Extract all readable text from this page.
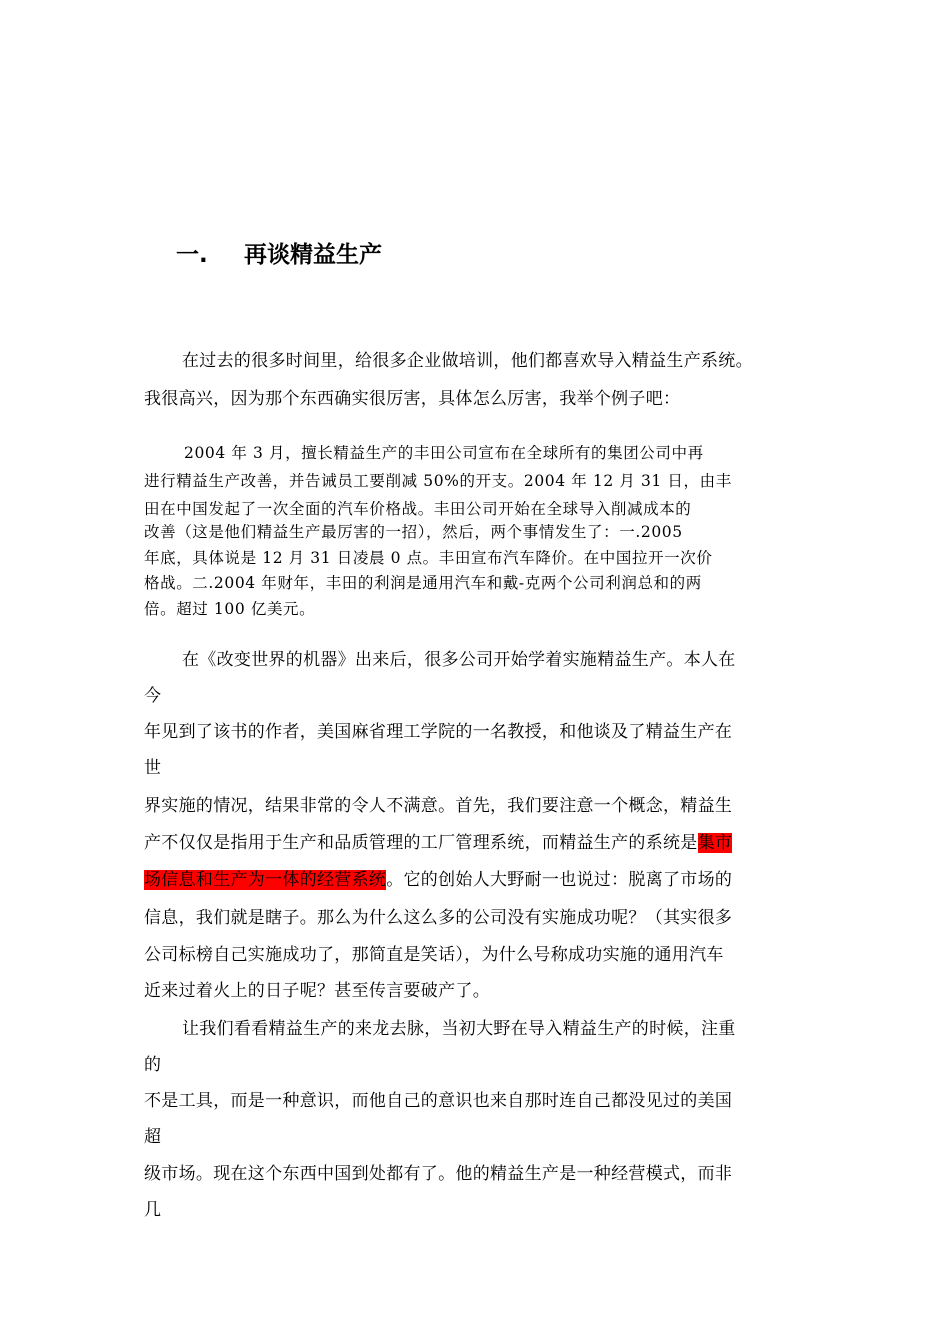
一. 再谈精益生产
在过去的很多时间里，给很多企业做培训，他们都喜欢导入精益生产系统。
我很高兴，因为那个东西确实很厉害，具体怎么厉害，我举个例子吧：
2004 年 3 月，擅长精益生产的丰田公司宣布在全球所有的集团公司中再
进行精益生产改善，并告诫员工要削减 50%的开支。2004 年 12 月 31 日，由丰
田在中国发起了一次全面的汽车价格战。丰田公司开始在全球导入削减成本的
改善（这是他们精益生产最厉害的一招），然后，两个事情发生了：一.2005
年底，具体说是 12 月 31 日凌晨 0 点。丰田宣布汽车降价。在中国拉开一次价
格战。二.2004 年财年，丰田的利润是通用汽车和戴-克两个公司利润总和的两
倍。超过 100 亿美元。
在《改变世界的机器》出来后，很多公司开始学着实施精益生产。本人在
今
年见到了该书的作者，美国麻省理工学院的一名教授，和他谈及了精益生产在
世
界实施的情况，结果非常的令人不满意。首先，我们要注意一个概念，精益生
产不仅仅是指用于生产和品质管理的工厂管理系统，而精益生产的系统是集市
场信息和生产为一体的经营系统。它的创始人大野耐一也说过：脱离了市场的
信息，我们就是瞎子。那么为什么这么多的公司没有实施成功呢？（其实很多
公司标榜自己实施成功了，那简直是笑话），为什么号称成功实施的通用汽车
近来过着火上的日子呢？甚至传言要破产了。
让我们看看精益生产的来龙去脉，当初大野在导入精益生产的时候，注重
的
不是工具，而是一种意识，而他自己的意识也来自那时连自己都没见过的美国
超
级市场。现在这个东西中国到处都有了。他的精益生产是一种经营模式，而非
几
